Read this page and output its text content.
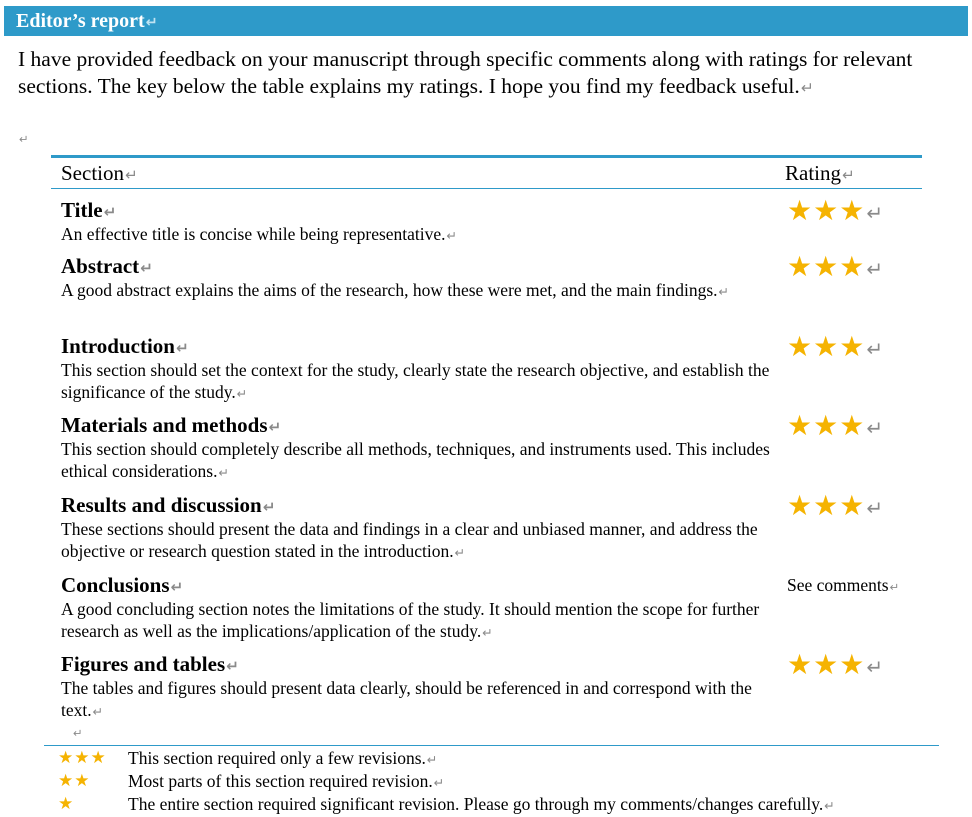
Editor’s report↵
I have provided feedback on your manuscript through specific comments along with ratings for relevant sections. The key below the table explains my ratings. I hope you find my feedback useful.↵
↵
Section↵	Rating↵
Title↵
An effective title is concise while being representative.↵
★★★↵
Abstract↵
A good abstract explains the aims of the research, how these were met, and the main findings.↵
★★★↵
Introduction↵
This section should set the context for the study, clearly state the research objective, and establish the significance of the study.↵
★★★↵
Materials and methods↵
This section should completely describe all methods, techniques, and instruments used. This includes ethical considerations.↵
★★★↵
Results and discussion↵
These sections should present the data and findings in a clear and unbiased manner, and address the objective or research question stated in the introduction.↵
★★★↵
Conclusions↵
A good concluding section notes the limitations of the study. It should mention the scope for further research as well as the implications/application of the study.↵
See comments↵
Figures and tables↵
The tables and figures should present data clearly, should be referenced in and correspond with the text.↵
★★★↵
↵
★★★ This section required only a few revisions.↵
★★ Most parts of this section required revision.↵
★	The entire section required significant revision. Please go through my comments/changes carefully.↵
